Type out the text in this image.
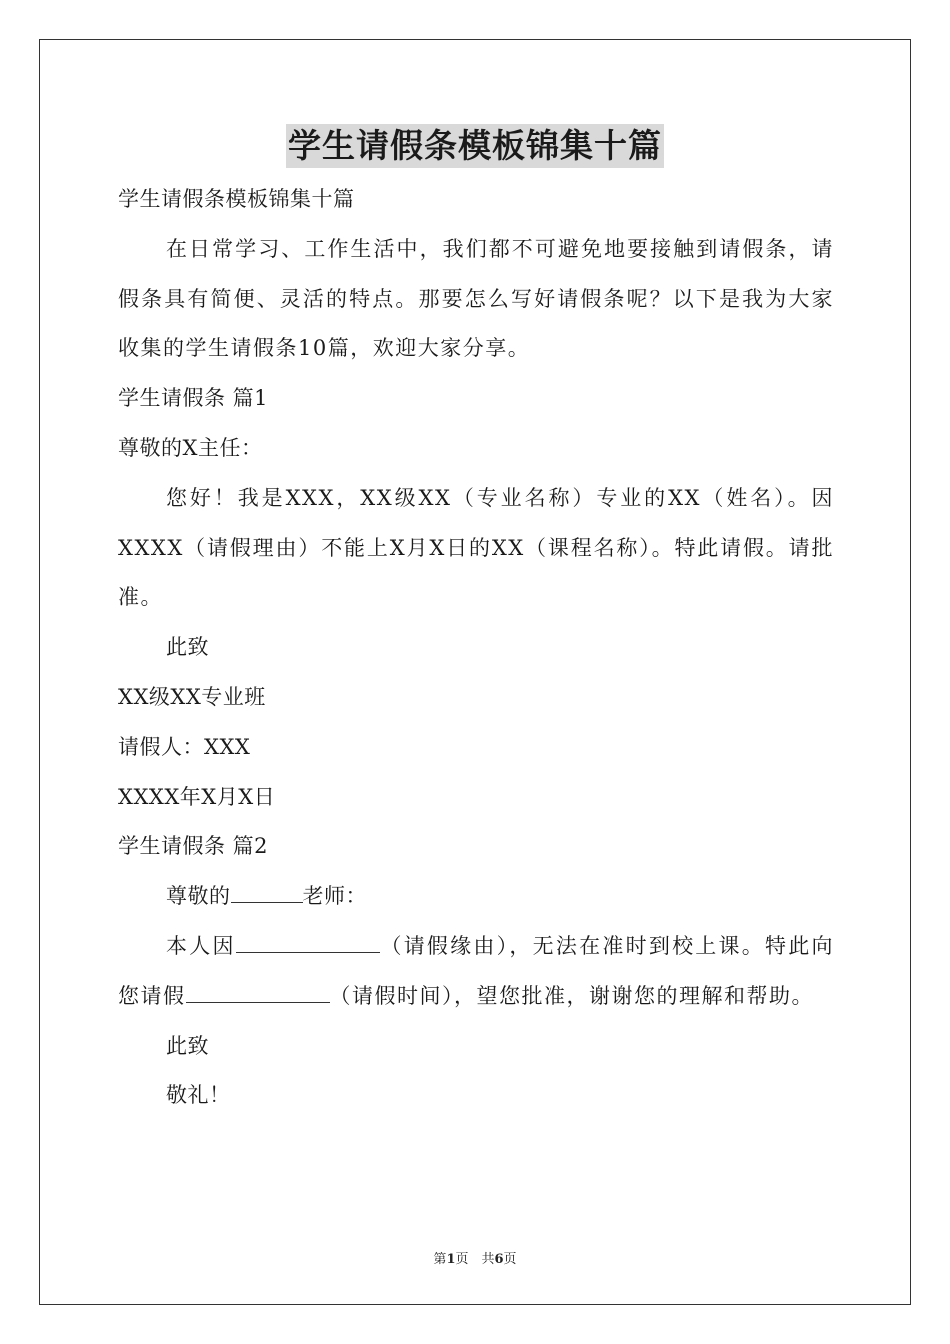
学生请假条模板锦集十篇
学生请假条模板锦集十篇
在日常学习、工作生活中，我们都不可避免地要接触到请假条，请假条具有简便、灵活的特点。那要怎么写好请假条呢？以下是我为大家收集的学生请假条10篇，欢迎大家分享。
学生请假条 篇1
尊敬的X主任：
您好！我是XXX，XX级XX（专业名称）专业的XX（姓名）。因XXXX（请假理由）不能上X月X日的XX（课程名称）。特此请假。请批准。
此致
XX级XX专业班
请假人：XXX
XXXX年X月X日
学生请假条 篇2
尊敬的	老师：
本人因	（请假缘由），无法在准时到校上课。特此向您请假	（请假时间），望您批准，谢谢您的理解和帮助。
此致
敬礼！
第1页　共6页
